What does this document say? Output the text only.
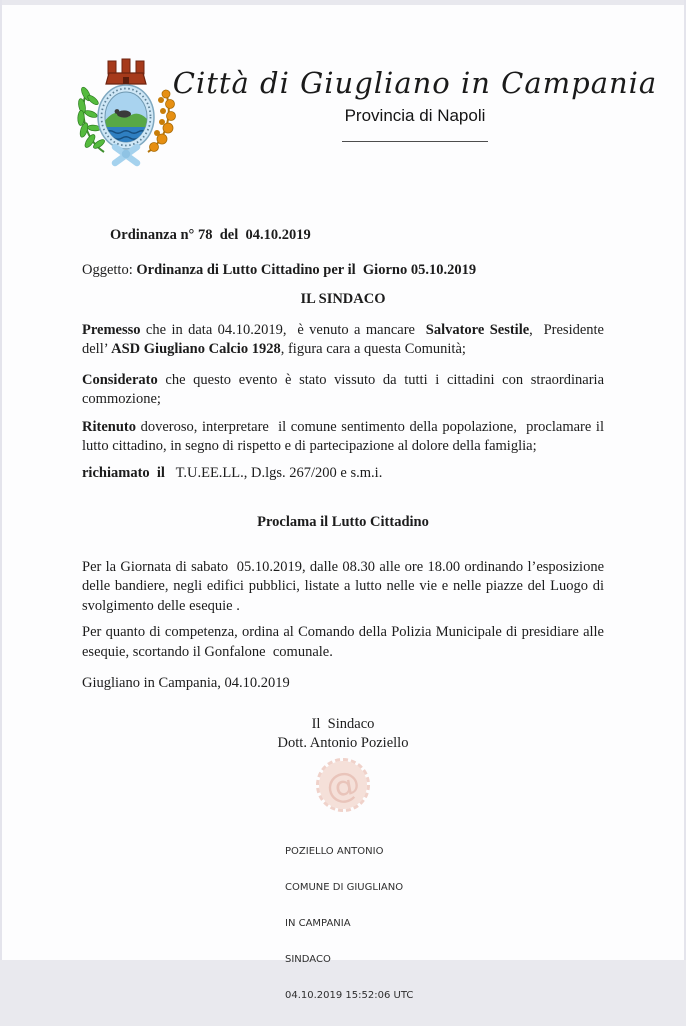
Città di Giugliano in Campania
Provincia di Napoli

Ordinanza n° 78  del  04.10.2019

Oggetto: Ordinanza di Lutto Cittadino per il  Giorno 05.10.2019

IL SINDACO

Premesso che in data 04.10.2019,  è venuto a mancare  Salvatore Sestile,  Presidente dell’ ASD Giugliano Calcio 1928, figura cara a questa Comunità;

Considerato che questo evento è stato vissuto da tutti i cittadini con straordinaria commozione;

Ritenuto doveroso, interpretare  il comune sentimento della popolazione,  proclamare il lutto cittadino, in segno di rispetto e di partecipazione al dolore della famiglia;

richiamato  il   T.U.EE.LL., D.lgs. 267/200 e s.m.i.

Proclama il Lutto Cittadino

Per la Giornata di sabato  05.10.2019, dalle 08.30 alle ore 18.00 ordinando l’esposizione delle bandiere, negli edifici pubblici, listate a lutto nelle vie e nelle piazze del Luogo di svolgimento delle esequie .

Per quanto di competenza, ordina al Comando della Polizia Municipale di presidiare alle esequie, scortando il Gonfalone  comunale.

Giugliano in Campania, 04.10.2019

Il  Sindaco
Dott. Antonio Poziello
@

POZIELLO ANTONIO

COMUNE DI GIUGLIANO

IN CAMPANIA

SINDACO

04.10.2019 15:52:06 UTC
